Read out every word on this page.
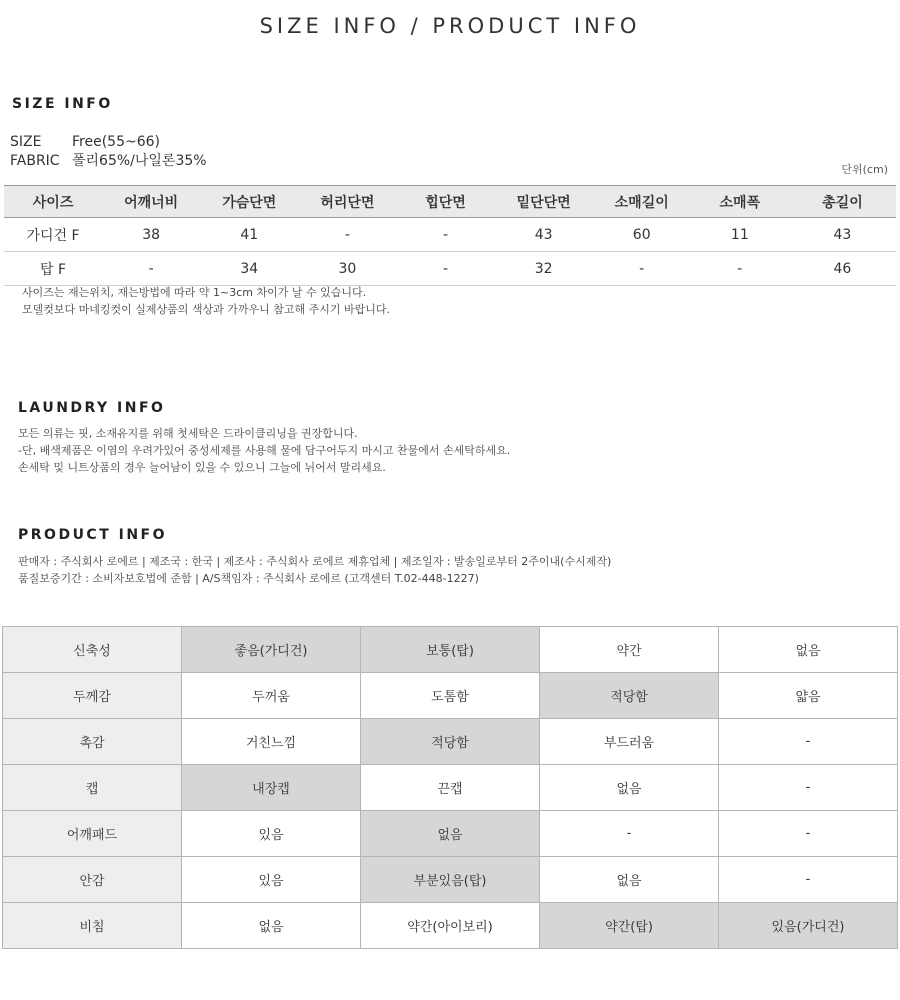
SIZE INFO / PRODUCT INFO
SIZE INFO
SIZE Free(55~66)
FABRIC 폴리65%/나일론35%
단위(cm)
사이즈	어깨너비	가슴단면	허리단면	힙단면	밑단단면	소매길이	소매폭	총길이
가디건 F	38	41	-	-	43	60	11	43
탑 F	-	34	30	-	32	-	-	46
사이즈는 재는위치, 재는방법에 따라 약 1~3cm 차이가 날 수 있습니다.
모델컷보다 마네킹컷이 실제상품의 색상과 가까우니 참고해 주시기 바랍니다.
LAUNDRY INFO
모든 의류는 핏, 소재유지를 위해 첫세탁은 드라이클리닝을 권장합니다.
-단, 배색제품은 이염의 우려가있어 중성세제를 사용해 물에 담구어두지 마시고 찬물에서 손세탁하세요.
손세탁 및 니트상품의 경우 늘어남이 있을 수 있으니 그늘에 뉘어서 말리세요.
PRODUCT INFO
판매자 : 주식회사 로에르 | 제조국 : 한국 | 제조사 : 주식회사 로에르 제휴업체 | 제조일자 : 발송일로부터 2주이내(수시제작)
품질보증기간 : 소비자보호법에 준함 | A/S책임자 : 주식회사 로에르 (고객센터 T.02-448-1227)
신축성	좋음(가디건)	보통(탑)	약간	없음
두께감	두꺼움	도톰함	적당함	얇음
촉감	거친느낌	적당함	부드러움	-
캡	내장캡	끈캡	없음	-
어깨패드	있음	없음	-	-
안감	있음	부분있음(탑)	없음	-
비침	없음	약간(아이보리)	약간(탑)	있음(가디건)
